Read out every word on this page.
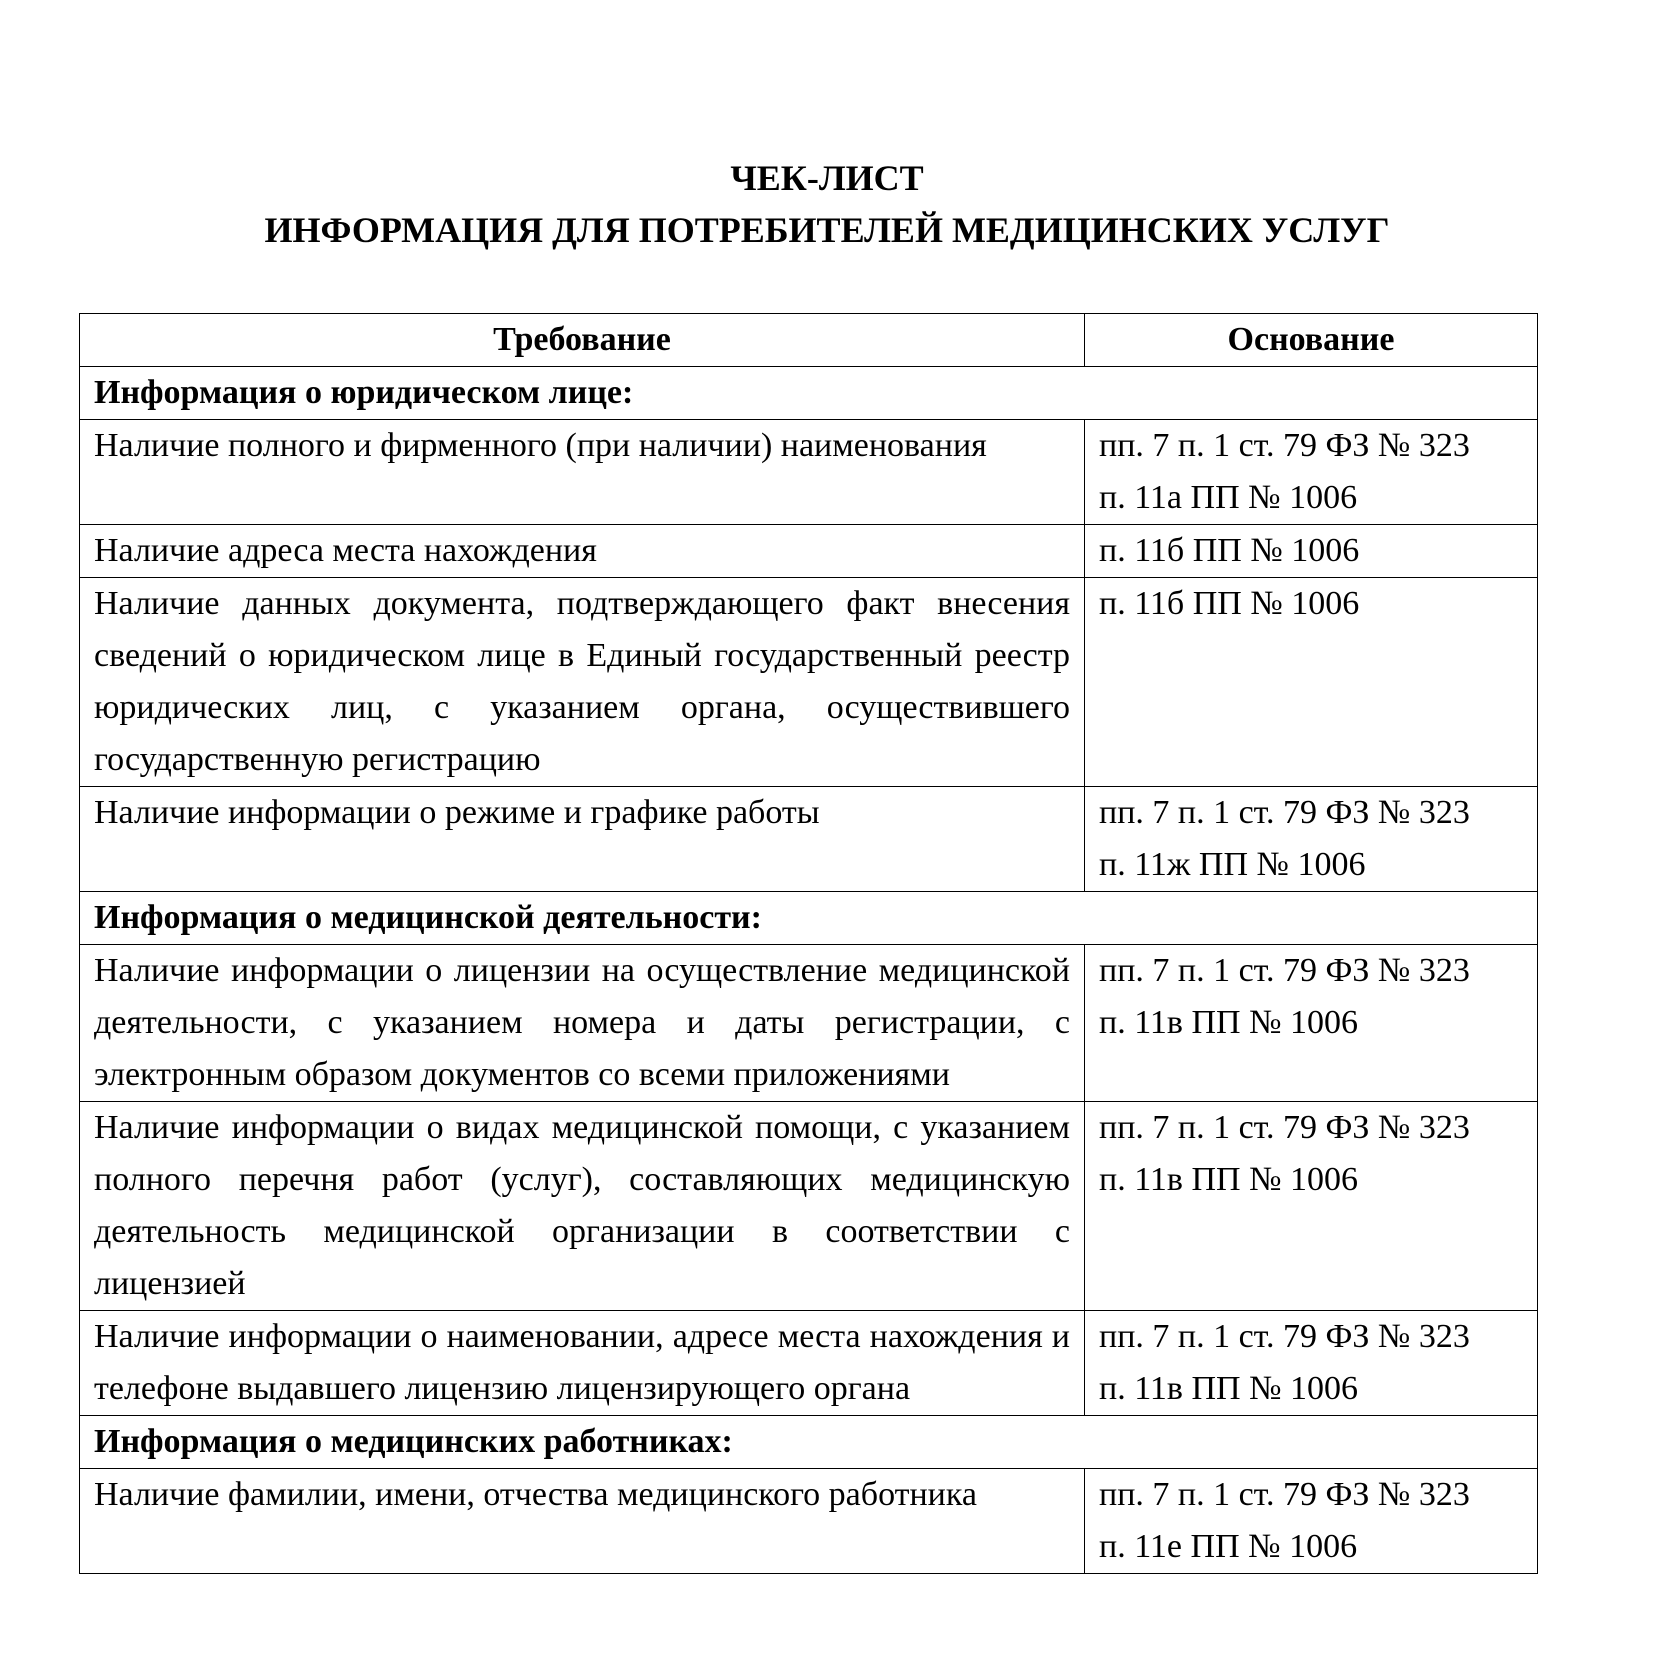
ЧЕК-ЛИСТ
ИНФОРМАЦИЯ ДЛЯ ПОТРЕБИТЕЛЕЙ МЕДИЦИНСКИХ УСЛУГ
Требование	Основание
Информация о юридическом лице:	
Наличие полного и фирменного (при наличии) наименования	пп. 7 п. 1 ст. 79 ФЗ № 323
п. 11а ПП № 1006

Наличие адреса места нахождения	п. 11б ПП № 1006

Наличие данных документа, подтверждающего факт внесения сведений о юридическом лице в Единый государственный реестр юридических лиц, с указанием органа, осуществившего государственную регистрацию	п. 11б ПП № 1006

Наличие информации о режиме и графике работы	пп. 7 п. 1 ст. 79 ФЗ № 323
п. 11ж ПП № 1006

Информация о медицинской деятельности:	
Наличие информации о лицензии на осуществление медицинской деятельности, с указанием номера и даты регистрации, с электронным образом документов со всеми приложениями	пп. 7 п. 1 ст. 79 ФЗ № 323
п. 11в ПП № 1006

Наличие информации о видах медицинской помощи, с указанием полного перечня работ (услуг), составляющих медицинскую деятельность медицинской организации в соответствии с лицензией	пп. 7 п. 1 ст. 79 ФЗ № 323
п. 11в ПП № 1006

Наличие информации о наименовании, адресе места нахождения и телефоне выдавшего лицензию лицензирующего органа	пп. 7 п. 1 ст. 79 ФЗ № 323
п. 11в ПП № 1006

Информация о медицинских работниках:	
Наличие фамилии, имени, отчества медицинского работника	пп. 7 п. 1 ст. 79 ФЗ № 323
п. 11е ПП № 1006
